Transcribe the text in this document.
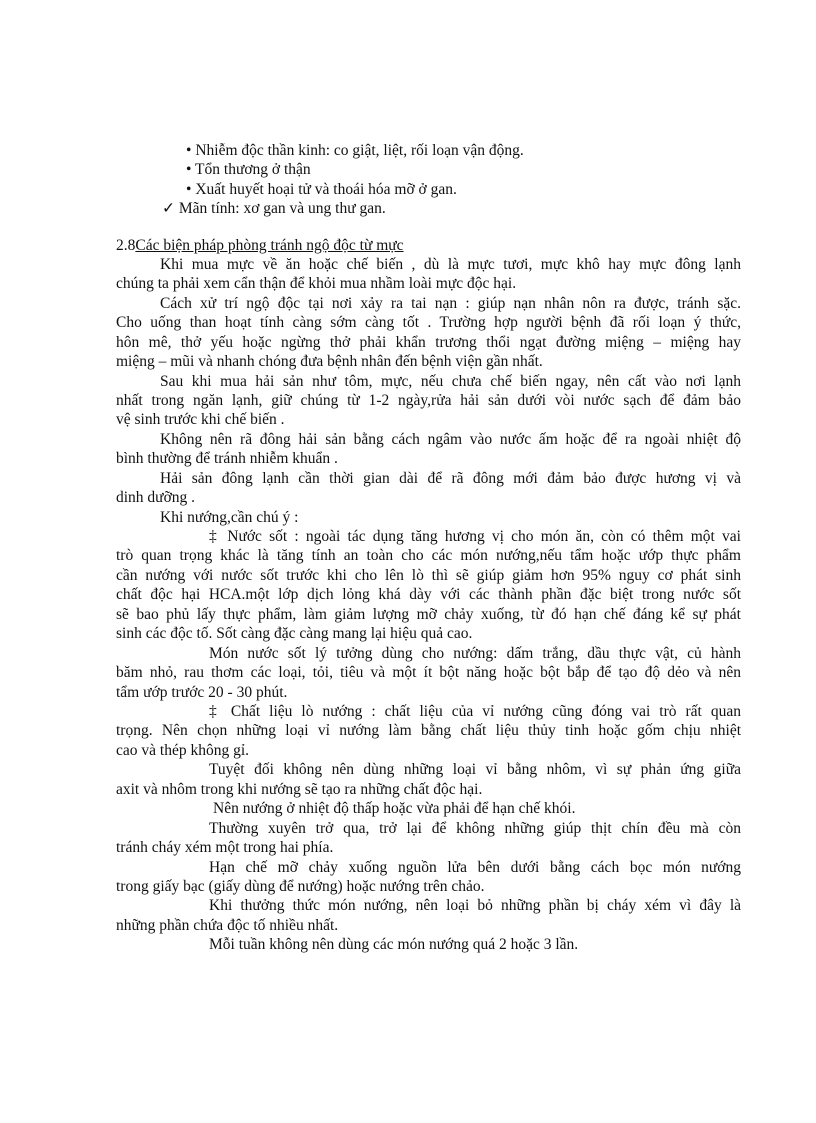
• Nhiễm độc thần kinh: co giật, liệt, rối loạn vận động.
• Tổn thương ở thận
• Xuất huyết hoại tử và thoái hóa mỡ ở gan.
✓ Mãn tính: xơ gan và ung thư gan.
2.8Các biện pháp phòng tránh ngộ độc từ mực
Khi mua mực về ăn hoặc chế biến , dù là mực tươi, mực khô hay mực đông lạnh
chúng ta phải xem cẩn thận để khỏi mua nhầm loài mực độc hại.
Cách xử trí ngộ độc tại nơi xảy ra tai nạn : giúp nạn nhân nôn ra được, tránh sặc.
Cho uống than hoạt tính càng sớm càng tốt . Trường hợp người bệnh đã rối loạn ý thức,
hôn mê, thở yếu hoặc ngừng thở phải khẩn trương thổi ngạt đường miệng – miệng hay
miệng – mũi và nhanh chóng đưa bệnh nhân đến bệnh viện gần nhất.
Sau khi mua hải sản như tôm, mực, nếu chưa chế biến ngay, nên cất vào nơi lạnh
nhất trong ngăn lạnh, giữ chúng từ 1-2 ngày,rửa hải sản dưới vòi nước sạch để đảm bảo
vệ sinh trước khi chế biến .
Không nên rã đông hải sản bằng cách ngâm vào nước ấm hoặc để ra ngoài nhiệt độ
bình thường để tránh nhiễm khuẩn .
Hải sản đông lạnh cần thời gian dài để rã đông mới đảm bảo được hương vị và
dinh dưỡng .
Khi nướng,cần chú ý :
‡ Nước sốt : ngoài tác dụng tăng hương vị cho món ăn, còn có thêm một vai
trò quan trọng khác là tăng tính an toàn cho các món nướng,nếu tẩm hoặc ướp thực phẩm
cần nướng với nước sốt trước khi cho lên lò thì sẽ giúp giảm hơn 95% nguy cơ phát sinh
chất độc hại HCA.một lớp dịch lỏng khá dày với các thành phần đặc biệt trong nước sốt
sẽ bao phủ lấy thực phẩm, làm giảm lượng mỡ chảy xuống, từ đó hạn chế đáng kể sự phát
sinh các độc tố. Sốt càng đặc càng mang lại hiệu quả cao.
Món nước sốt lý tưởng dùng cho nướng: dấm trắng, dầu thực vật, củ hành
băm nhỏ, rau thơm các loại, tỏi, tiêu và một ít bột năng hoặc bột bắp để tạo độ dẻo và nên
tẩm ướp trước 20 - 30 phút.
‡ Chất liệu lò nướng : chất liệu của vỉ nướng cũng đóng vai trò rất quan
trọng. Nên chọn những loại vỉ nướng làm bằng chất liệu thủy tinh hoặc gốm chịu nhiệt
cao và thép không gỉ.
Tuyệt đối không nên dùng những loại vỉ bằng nhôm, vì sự phản ứng giữa
axit và nhôm trong khi nướng sẽ tạo ra những chất độc hại.
Nên nướng ở nhiệt độ thấp hoặc vừa phải để hạn chế khói.
Thường xuyên trở qua, trở lại để không những giúp thịt chín đều mà còn
tránh cháy xém một trong hai phía.
Hạn chế mỡ chảy xuống nguồn lửa bên dưới bằng cách bọc món nướng
trong giấy bạc (giấy dùng để nướng) hoặc nướng trên chảo.
Khi thưởng thức món nướng, nên loại bỏ những phần bị cháy xém vì đây là
những phần chứa độc tố nhiều nhất.
Mỗi tuần không nên dùng các món nướng quá 2 hoặc 3 lần.
